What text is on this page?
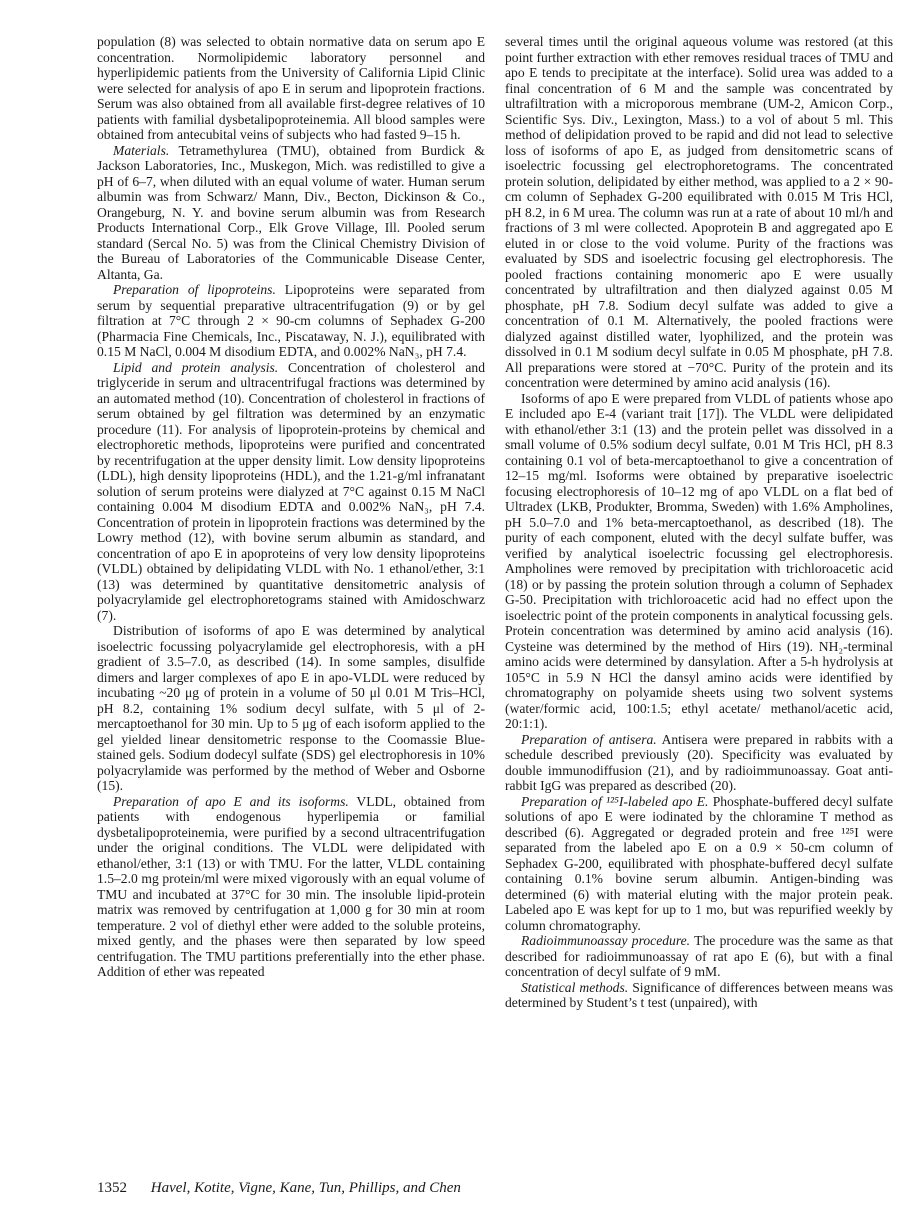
population (8) was selected to obtain normative data on serum apo E concentration. Normolipidemic laboratory personnel and hyperlipidemic patients from the University of California Lipid Clinic were selected for analysis of apo E in serum and lipoprotein fractions. Serum was also obtained from all available first-degree relatives of 10 patients with familial dysbetalipoproteinemia. All blood samples were obtained from antecubital veins of subjects who had fasted 9–15 h.

Materials. Tetramethylurea (TMU), obtained from Burdick & Jackson Laboratories, Inc., Muskegon, Mich. was redistilled to give a pH of 6–7, when diluted with an equal volume of water. Human serum albumin was from Schwarz/ Mann, Div., Becton, Dickinson & Co., Orangeburg, N. Y. and bovine serum albumin was from Research Products International Corp., Elk Grove Village, Ill. Pooled serum standard (Sercal No. 5) was from the Clinical Chemistry Division of the Bureau of Laboratories of the Communicable Disease Center, Altanta, Ga.

Preparation of lipoproteins. Lipoproteins were separated from serum by sequential preparative ultracentrifugation (9) or by gel filtration at 7°C through 2 × 90-cm columns of Sephadex G-200 (Pharmacia Fine Chemicals, Inc., Piscataway, N. J.), equilibrated with 0.15 M NaCl, 0.004 M disodium EDTA, and 0.002% NaN₃, pH 7.4.

Lipid and protein analysis. Concentration of cholesterol and triglyceride in serum and ultracentrifugal fractions was determined by an automated method (10). Concentration of cholesterol in fractions of serum obtained by gel filtration was determined by an enzymatic procedure (11). For analysis of lipoprotein-proteins by chemical and electrophoretic methods, lipoproteins were purified and concentrated by recentrifugation at the upper density limit. Low density lipoproteins (LDL), high density lipoproteins (HDL), and the 1.21-g/ml infranatant solution of serum proteins were dialyzed at 7°C against 0.15 M NaCl containing 0.004 M disodium EDTA and 0.002% NaN₃, pH 7.4. Concentration of protein in lipoprotein fractions was determined by the Lowry method (12), with bovine serum albumin as standard, and concentration of apo E in apoproteins of very low density lipoproteins (VLDL) obtained by delipidating VLDL with No. 1 ethanol/ether, 3:1 (13) was determined by quantitative densitometric analysis of polyacrylamide gel electrophoretograms stained with Amidoschwarz (7).

Distribution of isoforms of apo E was determined by analytical isoelectric focussing polyacrylamide gel electrophoresis, with a pH gradient of 3.5–7.0, as described (14). In some samples, disulfide dimers and larger complexes of apo E in apo-VLDL were reduced by incubating ~20 μg of protein in a volume of 50 μl 0.01 M Tris–HCl, pH 8.2, containing 1% sodium decyl sulfate, with 5 μl of 2-mercaptoethanol for 30 min. Up to 5 μg of each isoform applied to the gel yielded linear densitometric response to the Coomassie Blue-stained gels. Sodium dodecyl sulfate (SDS) gel electrophoresis in 10% polyacrylamide was performed by the method of Weber and Osborne (15).

Preparation of apo E and its isoforms. VLDL, obtained from patients with endogenous hyperlipemia or familial dysbetalipoproteinemia, were purified by a second ultracentrifugation under the original conditions. The VLDL were delipidated with ethanol/ether, 3:1 (13) or with TMU. For the latter, VLDL containing 1.5–2.0 mg protein/ml were mixed vigorously with an equal volume of TMU and incubated at 37°C for 30 min. The insoluble lipid-protein matrix was removed by centrifugation at 1,000 g for 30 min at room temperature. 2 vol of diethyl ether were added to the soluble proteins, mixed gently, and the phases were then separated by low speed centrifugation. The TMU partitions preferentially into the ether phase. Addition of ether was repeated

several times until the original aqueous volume was restored (at this point further extraction with ether removes residual traces of TMU and apo E tends to precipitate at the interface). Solid urea was added to a final concentration of 6 M and the sample was concentrated by ultrafiltration with a microporous membrane (UM-2, Amicon Corp., Scientific Sys. Div., Lexington, Mass.) to a vol of about 5 ml. This method of delipidation proved to be rapid and did not lead to selective loss of isoforms of apo E, as judged from densitometric scans of isoelectric focussing gel electrophoretograms. The concentrated protein solution, delipidated by either method, was applied to a 2 × 90-cm column of Sephadex G-200 equilibrated with 0.015 M Tris HCl, pH 8.2, in 6 M urea. The column was run at a rate of about 10 ml/h and fractions of 3 ml were collected. Apoprotein B and aggregated apo E eluted in or close to the void volume. Purity of the fractions was evaluated by SDS and isoelectric focusing gel electrophoresis. The pooled fractions containing monomeric apo E were usually concentrated by ultrafiltration and then dialyzed against 0.05 M phosphate, pH 7.8. Sodium decyl sulfate was added to give a concentration of 0.1 M. Alternatively, the pooled fractions were dialyzed against distilled water, lyophilized, and the protein was dissolved in 0.1 M sodium decyl sulfate in 0.05 M phosphate, pH 7.8. All preparations were stored at −70°C. Purity of the protein and its concentration were determined by amino acid analysis (16).

Isoforms of apo E were prepared from VLDL of patients whose apo E included apo E-4 (variant trait [17]). The VLDL were delipidated with ethanol/ether 3:1 (13) and the protein pellet was dissolved in a small volume of 0.5% sodium decyl sulfate, 0.01 M Tris HCl, pH 8.3 containing 0.1 vol of beta-mercaptoethanol to give a concentration of 12–15 mg/ml. Isoforms were obtained by preparative isoelectric focusing electrophoresis of 10–12 mg of apo VLDL on a flat bed of Ultradex (LKB, Produkter, Bromma, Sweden) with 1.6% Ampholines, pH 5.0–7.0 and 1% beta-mercaptoethanol, as described (18). The purity of each component, eluted with the decyl sulfate buffer, was verified by analytical isoelectric focussing gel electrophoresis. Ampholines were removed by precipitation with trichloroacetic acid (18) or by passing the protein solution through a column of Sephadex G-50. Precipitation with trichloroacetic acid had no effect upon the isoelectric point of the protein components in analytical focussing gels. Protein concentration was determined by amino acid analysis (16). Cysteine was determined by the method of Hirs (19). NH₂-terminal amino acids were determined by dansylation. After a 5-h hydrolysis at 105°C in 5.9 N HCl the dansyl amino acids were identified by chromatography on polyamide sheets using two solvent systems (water/formic acid, 100:1.5; ethyl acetate/ methanol/acetic acid, 20:1:1).

Preparation of antisera. Antisera were prepared in rabbits with a schedule described previously (20). Specificity was evaluated by double immunodiffusion (21), and by radioimmunoassay. Goat anti-rabbit IgG was prepared as described (20).

Preparation of ¹²⁵I-labeled apo E. Phosphate-buffered decyl sulfate solutions of apo E were iodinated by the chloramine T method as described (6). Aggregated or degraded protein and free ¹²⁵I were separated from the labeled apo E on a 0.9 × 50-cm column of Sephadex G-200, equilibrated with phosphate-buffered decyl sulfate containing 0.1% bovine serum albumin. Antigen-binding was determined (6) with material eluting with the major protein peak. Labeled apo E was kept for up to 1 mo, but was repurified weekly by column chromatography.

Radioimmunoassay procedure. The procedure was the same as that described for radioimmunoassay of rat apo E (6), but with a final concentration of decyl sulfate of 9 mM.

Statistical methods. Significance of differences between means was determined by Student’s t test (unpaired), with

1352 Havel, Kotite, Vigne, Kane, Tun, Phillips, and Chen
